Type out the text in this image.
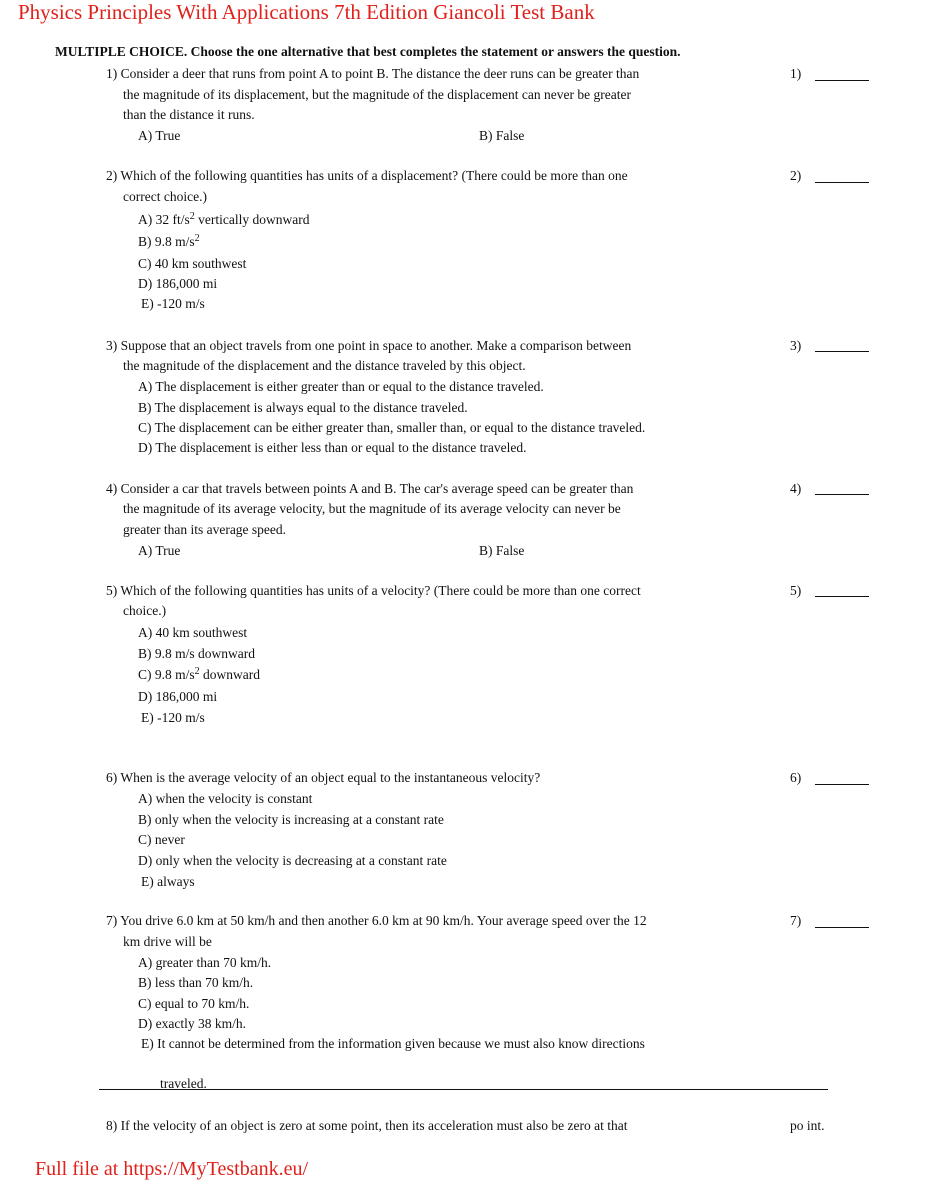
Physics Principles With Applications 7th Edition Giancoli Test Bank
MULTIPLE CHOICE. Choose the one alternative that best completes the statement or answers the question.
1) Consider a deer that runs from point A to point B. The distance the deer runs can be greater than
the magnitude of its displacement, but the magnitude of the displacement can never be greater
than the distance it runs.
A) True	B) False
1)
2) Which of the following quantities has units of a displacement? (There could be more than one
correct choice.)
A) 32 $ft/s^2$ vertically downward
B) 9.8 $m/s^2$
C) 40 km southwest
D) 186,000 mi
E) -120 m/s
2)
3) Suppose that an object travels from one point in space to another. Make a comparison between
the magnitude of the displacement and the distance traveled by this object.
A) The displacement is either greater than or equal to the distance traveled.
B) The displacement is always equal to the distance traveled.
C) The displacement can be either greater than, smaller than, or equal to the distance traveled.
D) The displacement is either less than or equal to the distance traveled.
3)
4) Consider a car that travels between points A and B. The car's average speed can be greater than
the magnitude of its average velocity, but the magnitude of its average velocity can never be
greater than its average speed.
A) True	B) False
4)
5) Which of the following quantities has units of a velocity? (There could be more than one correct
choice.)
A) 40 km southwest
B) 9.8 m/s downward
C) 9.8 $m/s^2$ downward
D) 186,000 mi
E) -120 m/s
5)
6) When is the average velocity of an object equal to the instantaneous velocity?
A) when the velocity is constant
B) only when the velocity is increasing at a constant rate
C) never
D) only when the velocity is decreasing at a constant rate
E) always
6)
7) You drive 6.0 km at 50 km/h and then another 6.0 km at 90 km/h. Your average speed over the 12
km drive will be
A) greater than 70 km/h.
B) less than 70 km/h.
C) equal to 70 km/h.
D) exactly 38 km/h.
E) It cannot be determined from the information given because we must also know directions
traveled.
7)
8) If the velocity of an object is zero at some point, then its acceleration must also be zero at that	po int.
Full file at https://MyTestbank.eu/
